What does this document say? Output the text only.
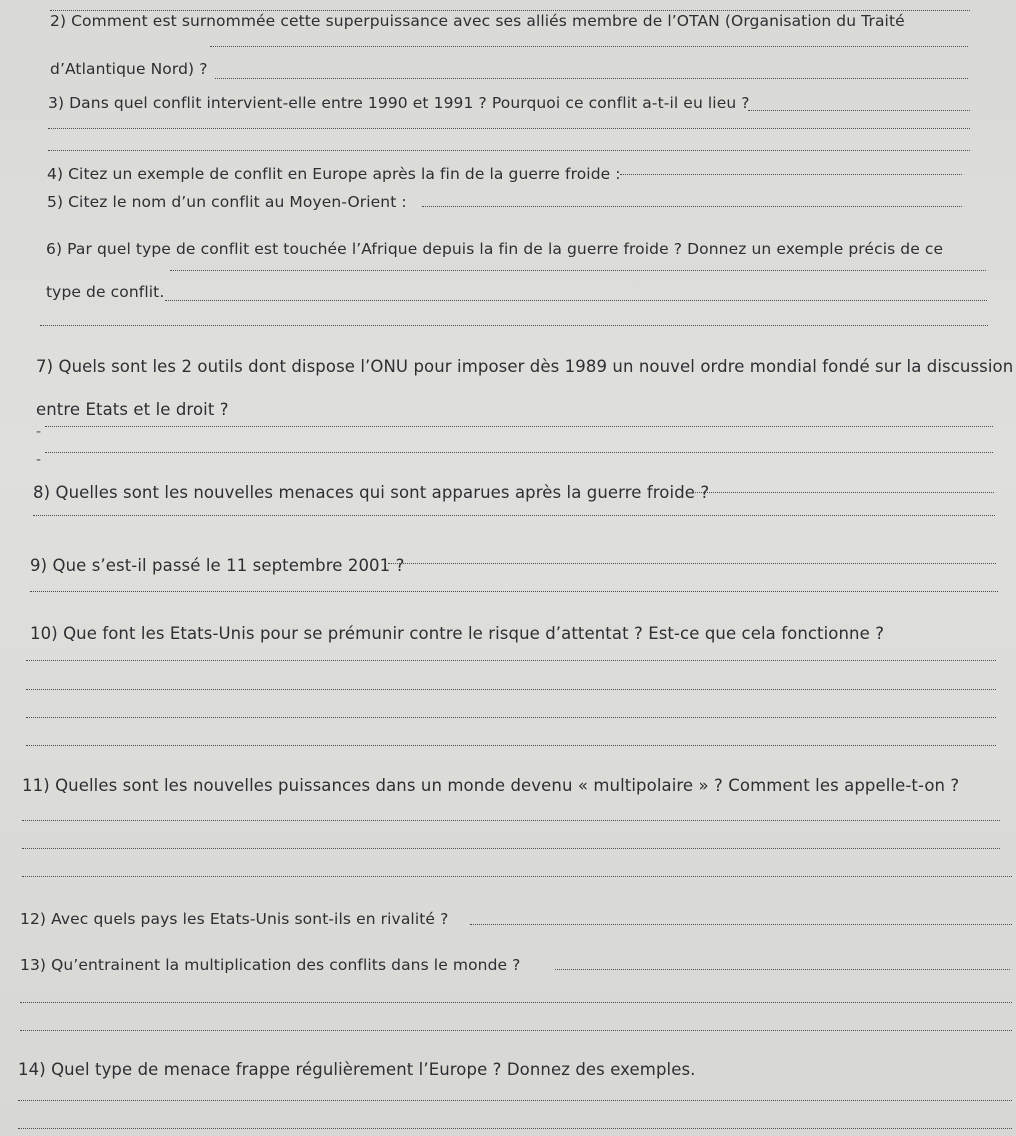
2) Comment est surnommée cette superpuissance avec ses alliés membre de l’OTAN (Organisation du Traité
d’Atlantique Nord) ?
3) Dans quel conflit intervient-elle entre 1990 et 1991 ? Pourquoi ce conflit a-t-il eu lieu ?
4) Citez un exemple de conflit en Europe après la fin de la guerre froide :
5) Citez le nom d’un conflit au Moyen-Orient :
6) Par quel type de conflit est touchée l’Afrique depuis la fin de la guerre froide ? Donnez un exemple précis de ce
type de conflit.
7) Quels sont les 2 outils dont dispose l’ONU pour imposer dès 1989 un nouvel ordre mondial fondé sur la discussion
entre Etats et le droit ?
-
-
8) Quelles sont les nouvelles menaces qui sont apparues après la guerre froide ?
9) Que s’est-il passé le 11 septembre 2001 ?
10) Que font les Etats-Unis pour se prémunir contre le risque d’attentat ? Est-ce que cela fonctionne ?
11) Quelles sont les nouvelles puissances dans un monde devenu « multipolaire » ? Comment les appelle-t-on ?
12) Avec quels pays les Etats-Unis sont-ils en rivalité ?
13) Qu’entrainent la multiplication des conflits dans le monde ?
14) Quel type de menace frappe régulièrement l’Europe ? Donnez des exemples.
